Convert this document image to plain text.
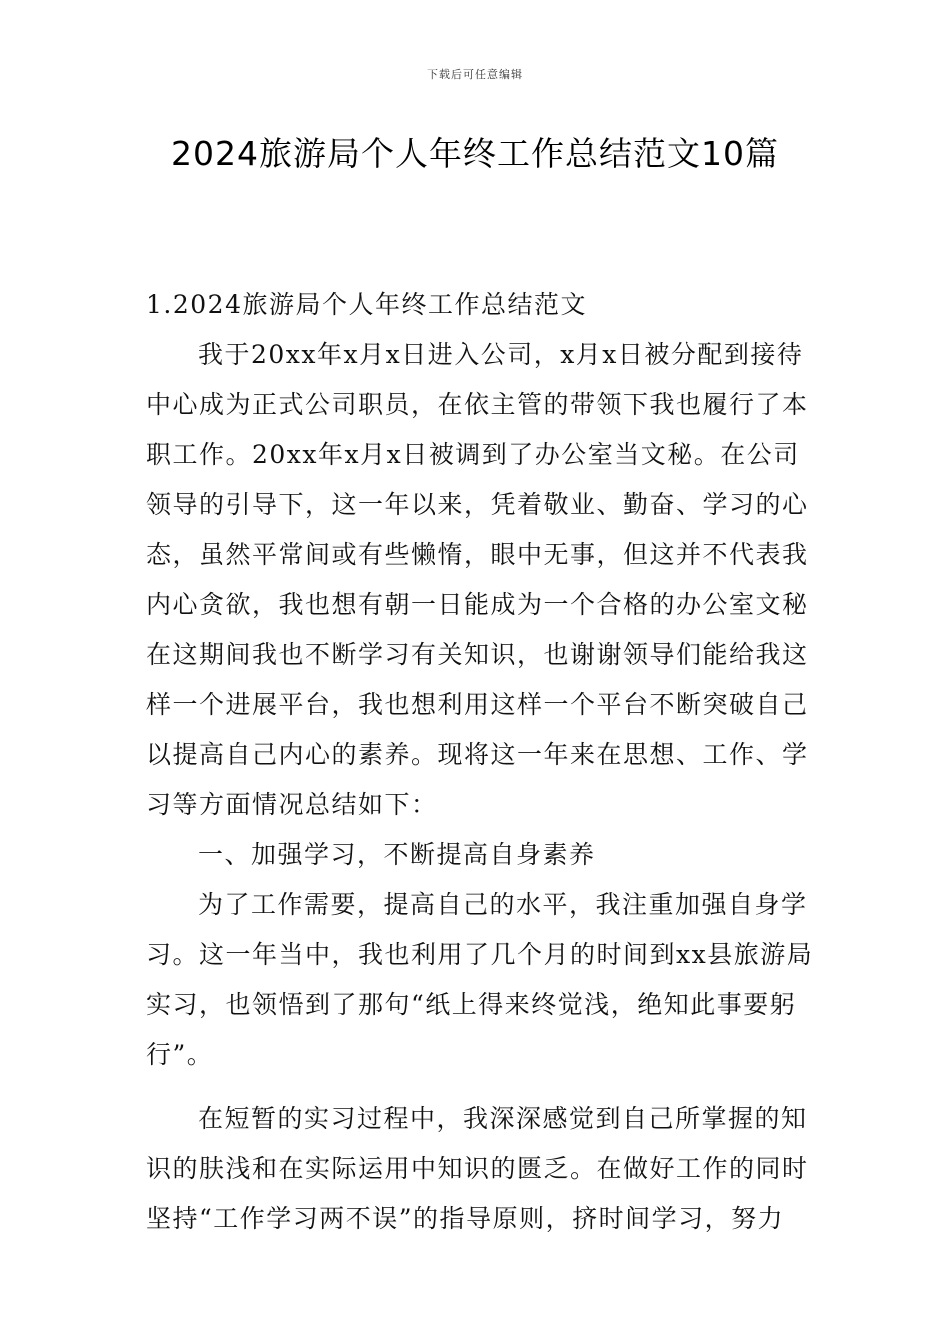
下载后可任意编辑
2024旅游局个人年终工作总结范文10篇
1.2024旅游局个人年终工作总结范文
我于20xx年x月x日进入公司，x月x日被分配到接待
中心成为正式公司职员，在依主管的带领下我也履行了本
职工作。20xx年x月x日被调到了办公室当文秘。在公司
领导的引导下，这一年以来，凭着敬业、勤奋、学习的心
态，虽然平常间或有些懒惰，眼中无事，但这并不代表我
内心贪欲，我也想有朝一日能成为一个合格的办公室文秘
在这期间我也不断学习有关知识，也谢谢领导们能给我这
样一个进展平台，我也想利用这样一个平台不断突破自己
以提高自己内心的素养。现将这一年来在思想、工作、学
习等方面情况总结如下：
一、加强学习，不断提高自身素养
为了工作需要，提高自己的水平，我注重加强自身学
习。这一年当中，我也利用了几个月的时间到xx县旅游局
实习，也领悟到了那句“纸上得来终觉浅，绝知此事要躬
行”。
在短暂的实习过程中，我深深感觉到自己所掌握的知
识的肤浅和在实际运用中知识的匮乏。在做好工作的同时
坚持“工作学习两不误”的指导原则，挤时间学习，努力
